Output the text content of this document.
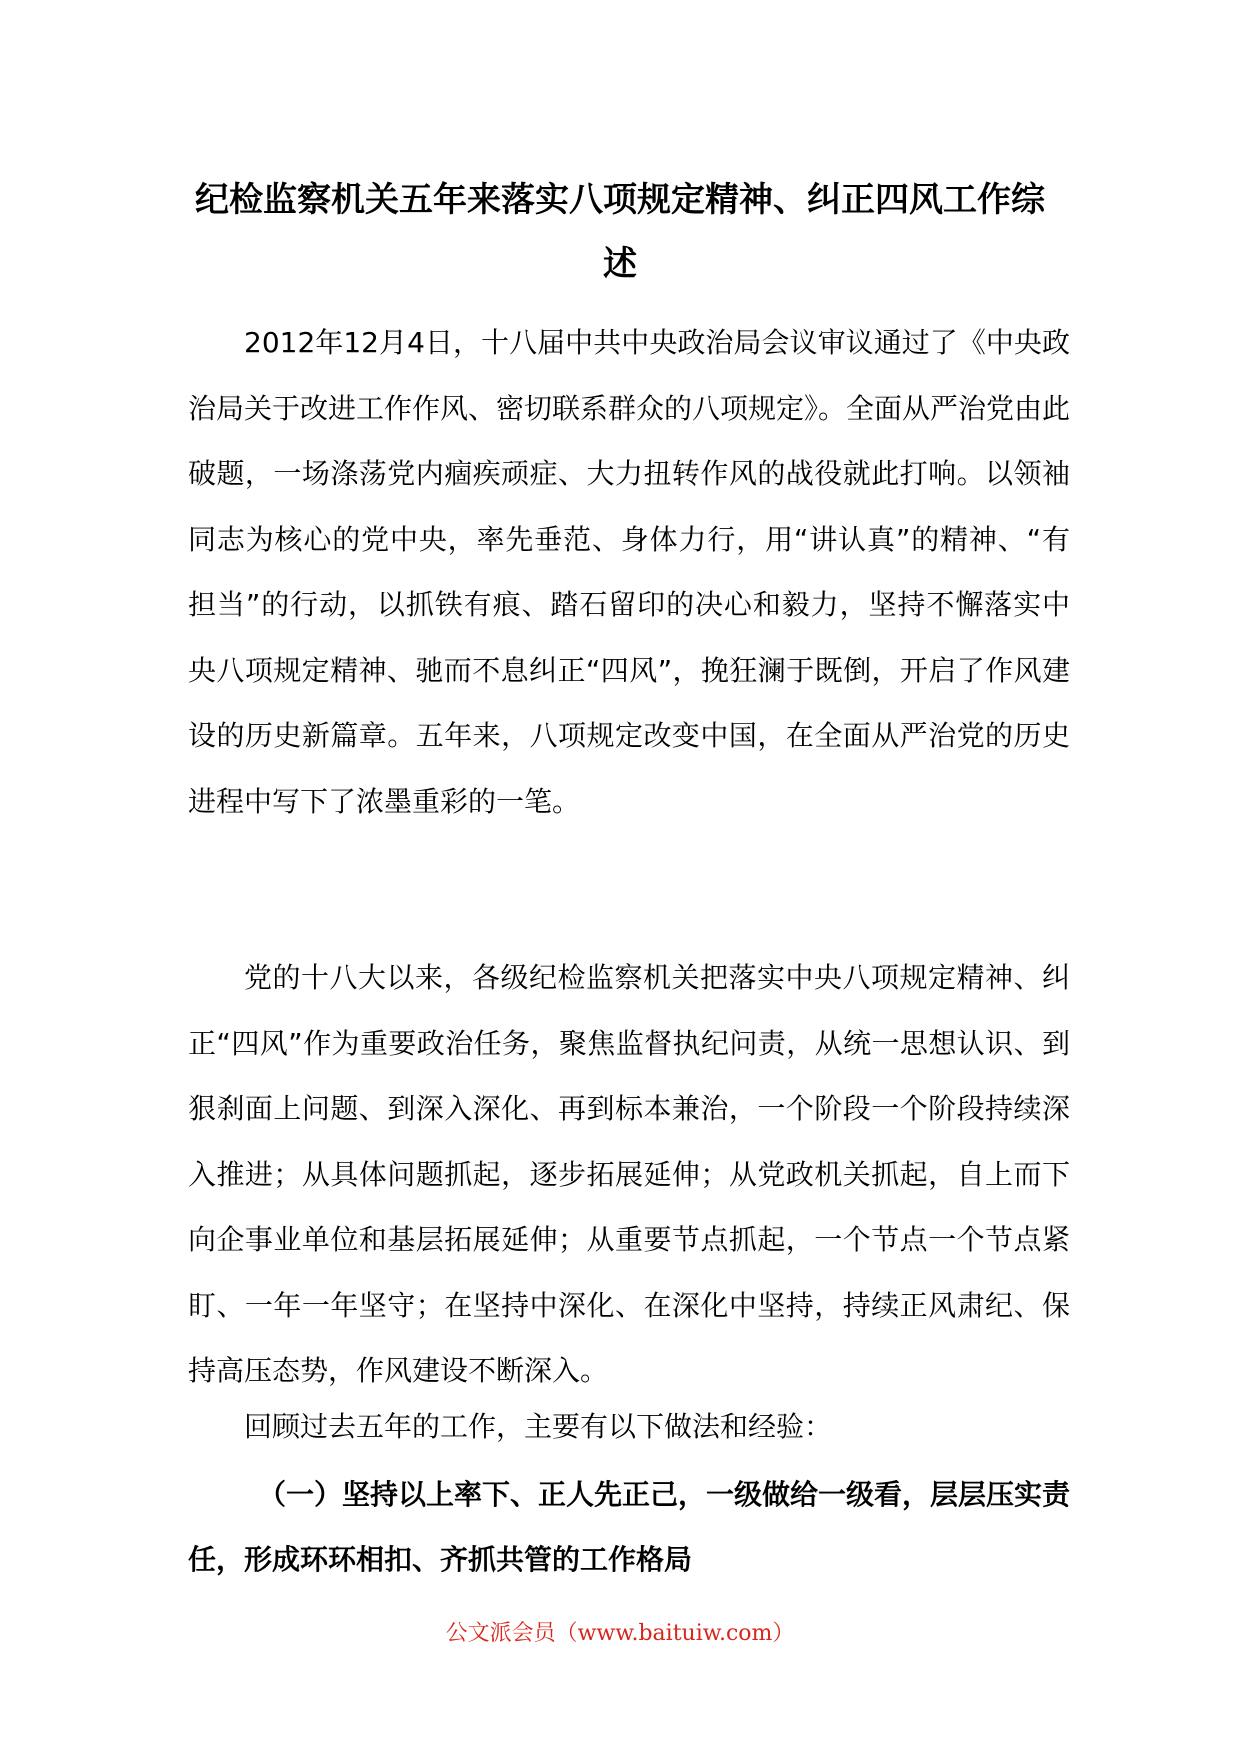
纪检监察机关五年来落实八项规定精神、纠正四风工作综述

2012年12月4日，十八届中共中央政治局会议审议通过了《中央政治局关于改进工作作风、密切联系群众的八项规定》。全面从严治党由此破题，一场涤荡党内痼疾顽症、大力扭转作风的战役就此打响。以领袖同志为核心的党中央，率先垂范、身体力行，用“讲认真”的精神、“有担当”的行动，以抓铁有痕、踏石留印的决心和毅力，坚持不懈落实中央八项规定精神、驰而不息纠正“四风”，挽狂澜于既倒，开启了作风建设的历史新篇章。五年来，八项规定改变中国，在全面从严治党的历史进程中写下了浓墨重彩的一笔。

党的十八大以来，各级纪检监察机关把落实中央八项规定精神、纠正“四风”作为重要政治任务，聚焦监督执纪问责，从统一思想认识、到狠刹面上问题、到深入深化、再到标本兼治，一个阶段一个阶段持续深入推进；从具体问题抓起，逐步拓展延伸；从党政机关抓起，自上而下向企事业单位和基层拓展延伸；从重要节点抓起，一个节点一个节点紧盯、一年一年坚守；在坚持中深化、在深化中坚持，持续正风肃纪、保持高压态势，作风建设不断深入。

回顾过去五年的工作，主要有以下做法和经验：

（一）坚持以上率下、正人先正己，一级做给一级看，层层压实责任，形成环环相扣、齐抓共管的工作格局

公文派会员（www.baituiw.com）
